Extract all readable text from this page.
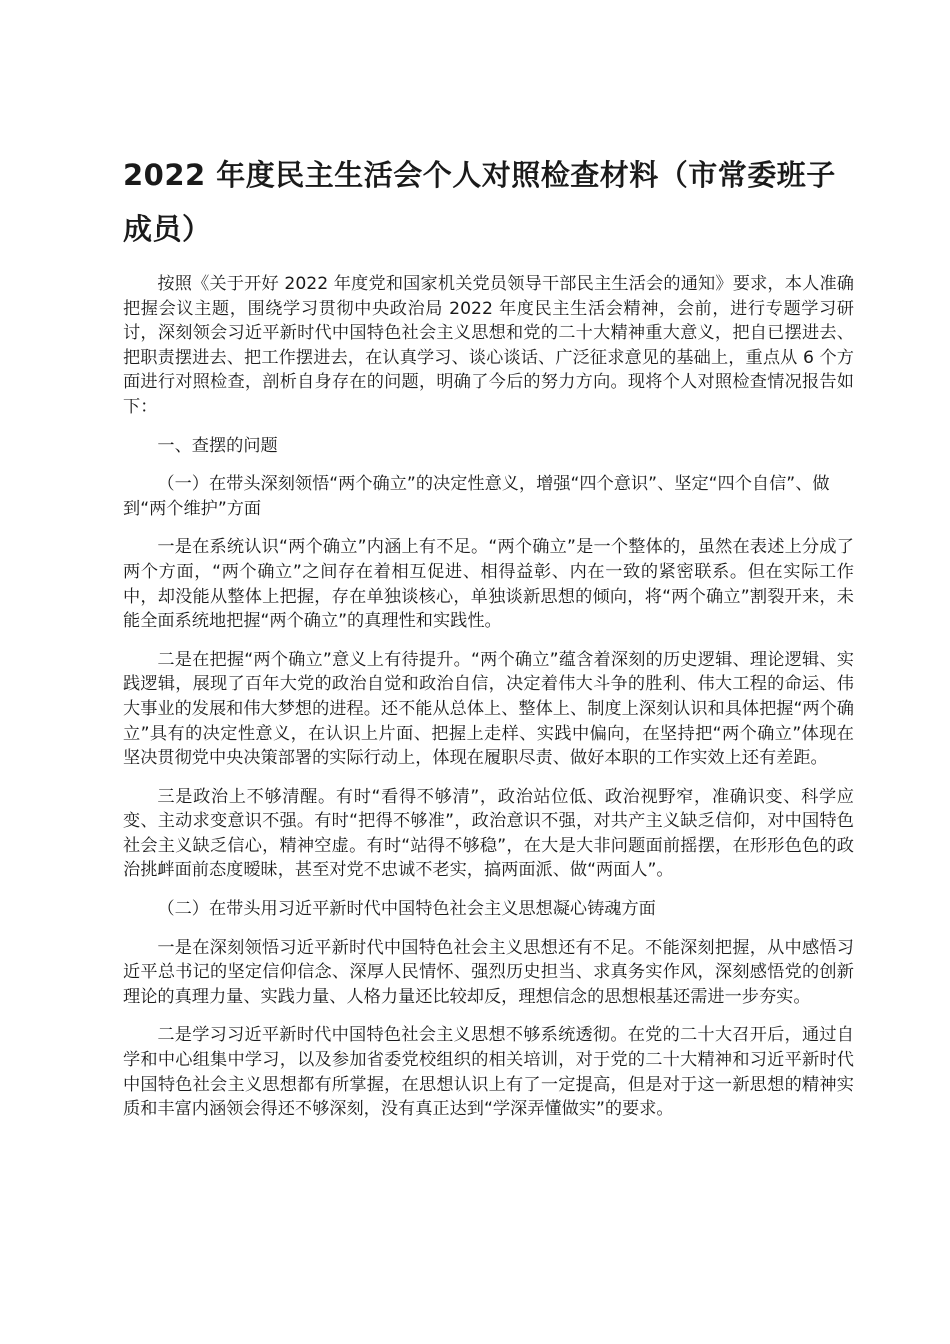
2022 年度民主生活会个人对照检查材料（市常委班子成员）

按照《关于开好 2022 年度党和国家机关党员领导干部民主生活会的通知》要求，本人准确把握会议主题，围绕学习贯彻中央政治局 2022 年度民主生活会精神，会前，进行专题学习研讨，深刻领会习近平新时代中国特色社会主义思想和党的二十大精神重大意义，把自已摆进去、把职责摆进去、把工作摆进去，在认真学习、谈心谈话、广泛征求意见的基础上，重点从 6 个方面进行对照检查，剖析自身存在的问题，明确了今后的努力方向。现将个人对照检查情况报告如下：

一、查摆的问题

（一）在带头深刻领悟“两个确立”的决定性意义，增强“四个意识”、坚定“四个自信”、做到“两个维护”方面

一是在系统认识“两个确立”内涵上有不足。“两个确立”是一个整体的，虽然在表述上分成了两个方面，“两个确立”之间存在着相互促进、相得益彰、内在一致的紧密联系。但在实际工作中，却没能从整体上把握，存在单独谈核心，单独谈新思想的倾向，将“两个确立”割裂开来，未能全面系统地把握“两个确立”的真理性和实践性。

二是在把握“两个确立”意义上有待提升。“两个确立”蕴含着深刻的历史逻辑、理论逻辑、实践逻辑，展现了百年大党的政治自觉和政治自信，决定着伟大斗争的胜利、伟大工程的命运、伟大事业的发展和伟大梦想的进程。还不能从总体上、整体上、制度上深刻认识和具体把握“两个确立”具有的决定性意义，在认识上片面、把握上走样、实践中偏向，在坚持把“两个确立”体现在坚决贯彻党中央决策部署的实际行动上，体现在履职尽责、做好本职的工作实效上还有差距。

三是政治上不够清醒。有时“看得不够清”，政治站位低、政治视野窄，准确识变、科学应变、主动求变意识不强。有时“把得不够准”，政治意识不强，对共产主义缺乏信仰，对中国特色社会主义缺乏信心，精神空虚。有时“站得不够稳”，在大是大非问题面前摇摆，在形形色色的政治挑衅面前态度暧昧，甚至对党不忠诚不老实，搞两面派、做“两面人”。

（二）在带头用习近平新时代中国特色社会主义思想凝心铸魂方面

一是在深刻领悟习近平新时代中国特色社会主义思想还有不足。不能深刻把握，从中感悟习近平总书记的坚定信仰信念、深厚人民情怀、强烈历史担当、求真务实作风，深刻感悟党的创新理论的真理力量、实践力量、人格力量还比较却反，理想信念的思想根基还需进一步夯实。

二是学习习近平新时代中国特色社会主义思想不够系统透彻。在党的二十大召开后，通过自学和中心组集中学习，以及参加省委党校组织的相关培训，对于党的二十大精神和习近平新时代中国特色社会主义思想都有所掌握，在思想认识上有了一定提高，但是对于这一新思想的精神实质和丰富内涵领会得还不够深刻，没有真正达到“学深弄懂做实”的要求。
